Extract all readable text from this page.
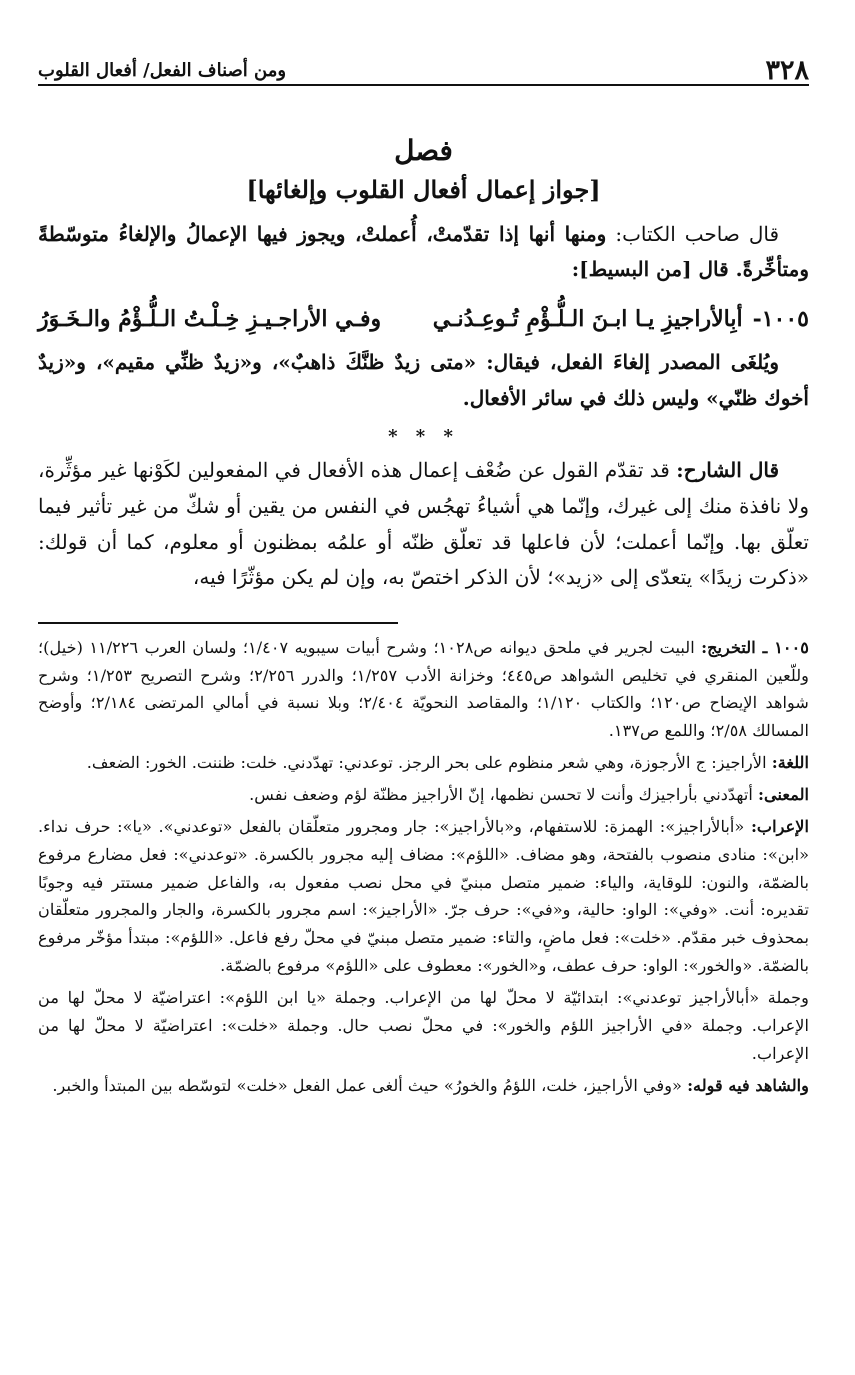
٣٢٨
ومن أصناف الفعل/ أفعال القلوب
فصل
[جواز إعمال أفعال القلوب وإلغائها]

قال صاحب الكتاب: ومنها أنها إذا تقدّمتْ، أُعملتْ، ويجوز فيها الإعمالُ والإلغاءُ متوسّطةً ومتأخِّرةً. قال [من البسيط]:

١٠٠٥-أبِالأراجيزِ يـا ابـنَ الـلُّـؤْمِ تُـوعِـدُنـي
وفـي الأراجـيـزِ خِـلْـتُ الـلُّـؤْمُ والـخَـوَرُ

ويُلغَى المصدر إلغاءَ الفعل، فيقال: «متى زيدٌ ظنَّكَ ذاهبٌ»، و«زيدٌ ظنِّي مقيم»، و«زيدٌ أخوك ظنّي» وليس ذلك في سائر الأفعال.

* * *

قال الشارح: قد تقدّم القول عن ضُعْف إعمال هذه الأفعال في المفعولين لكَوْنها غير مؤثِّرة، ولا نافذة منك إلى غيرك، وإنّما هي أشياءُ تهجُس في النفس من يقين أو شكّ من غير تأثير فيما تعلّق بها. وإنّما أعملت؛ لأن فاعلها قد تعلّق ظنّه أو علمُه بمظنون أو معلوم، كما أن قولك: «ذكرت زيدًا» يتعدّى إلى «زيد»؛ لأن الذكر اختصّ به، وإن لم يكن مؤثّرًا فيه،

١٠٠٥ ـ التخريج: البيت لجرير في ملحق ديوانه ص١٠٢٨؛ وشرح أبيات سيبويه ١/٤٠٧؛ ولسان العرب ١١/٢٢٦ (خيل)؛ وللّعين المنقري في تخليص الشواهد ص٤٤٥؛ وخزانة الأدب ١/٢٥٧؛ والدرر ٢/٢٥٦؛ وشرح التصريح ١/٢٥٣؛ وشرح شواهد الإيضاح ص١٢٠؛ والكتاب ١/١٢٠؛ والمقاصد النحويّة ٢/٤٠٤؛ وبلا نسبة في أمالي المرتضى ٢/١٨٤؛ وأوضح المسالك ٢/٥٨؛ واللمع ص١٣٧.

اللغة: الأراجيز: ج الأرجوزة، وهي شعر منظوم على بحر الرجز. توعدني: تهدّدني. خلت: ظننت. الخور: الضعف.

المعنى: أتهدّدني بأراجيزك وأنت لا تحسن نظمها، إنّ الأراجيز مظنّة لؤم وضعف نفس.

الإعراب: «أبالأراجيز»: الهمزة: للاستفهام، و«بالأراجيز»: جار ومجرور متعلّقان بالفعل «توعدني». «يا»: حرف نداء. «ابن»: منادى منصوب بالفتحة، وهو مضاف. «اللؤم»: مضاف إليه مجرور بالكسرة. «توعدني»: فعل مضارع مرفوع بالضمّة، والنون: للوقاية، والياء: ضمير متصل مبنيّ في محل نصب مفعول به، والفاعل ضمير مستتر فيه وجوبًا تقديره: أنت. «وفي»: الواو: حالية، و«في»: حرف جرّ. «الأراجيز»: اسم مجرور بالكسرة، والجار والمجرور متعلّقان بمحذوف خبر مقدّم. «خلت»: فعل ماضٍ، والتاء: ضمير متصل مبنيّ في محلّ رفع فاعل. «اللؤم»: مبتدأ مؤخّر مرفوع بالضمّة. «والخور»: الواو: حرف عطف، و«الخور»: معطوف على «اللؤم» مرفوع بالضمّة.

وجملة «أبالأراجيز توعدني»: ابتدائيّة لا محلّ لها من الإعراب. وجملة «يا ابن اللؤم»: اعتراضيّة لا محلّ لها من الإعراب. وجملة «في الأراجيز اللؤم والخور»: في محلّ نصب حال. وجملة «خلت»: اعتراضيّة لا محلّ لها من الإعراب.

والشاهد فيه قوله: «وفي الأراجيز، خلت، اللؤمُ والخورُ» حيث ألغى عمل الفعل «خلت» لتوسّطه بين المبتدأ والخبر.
